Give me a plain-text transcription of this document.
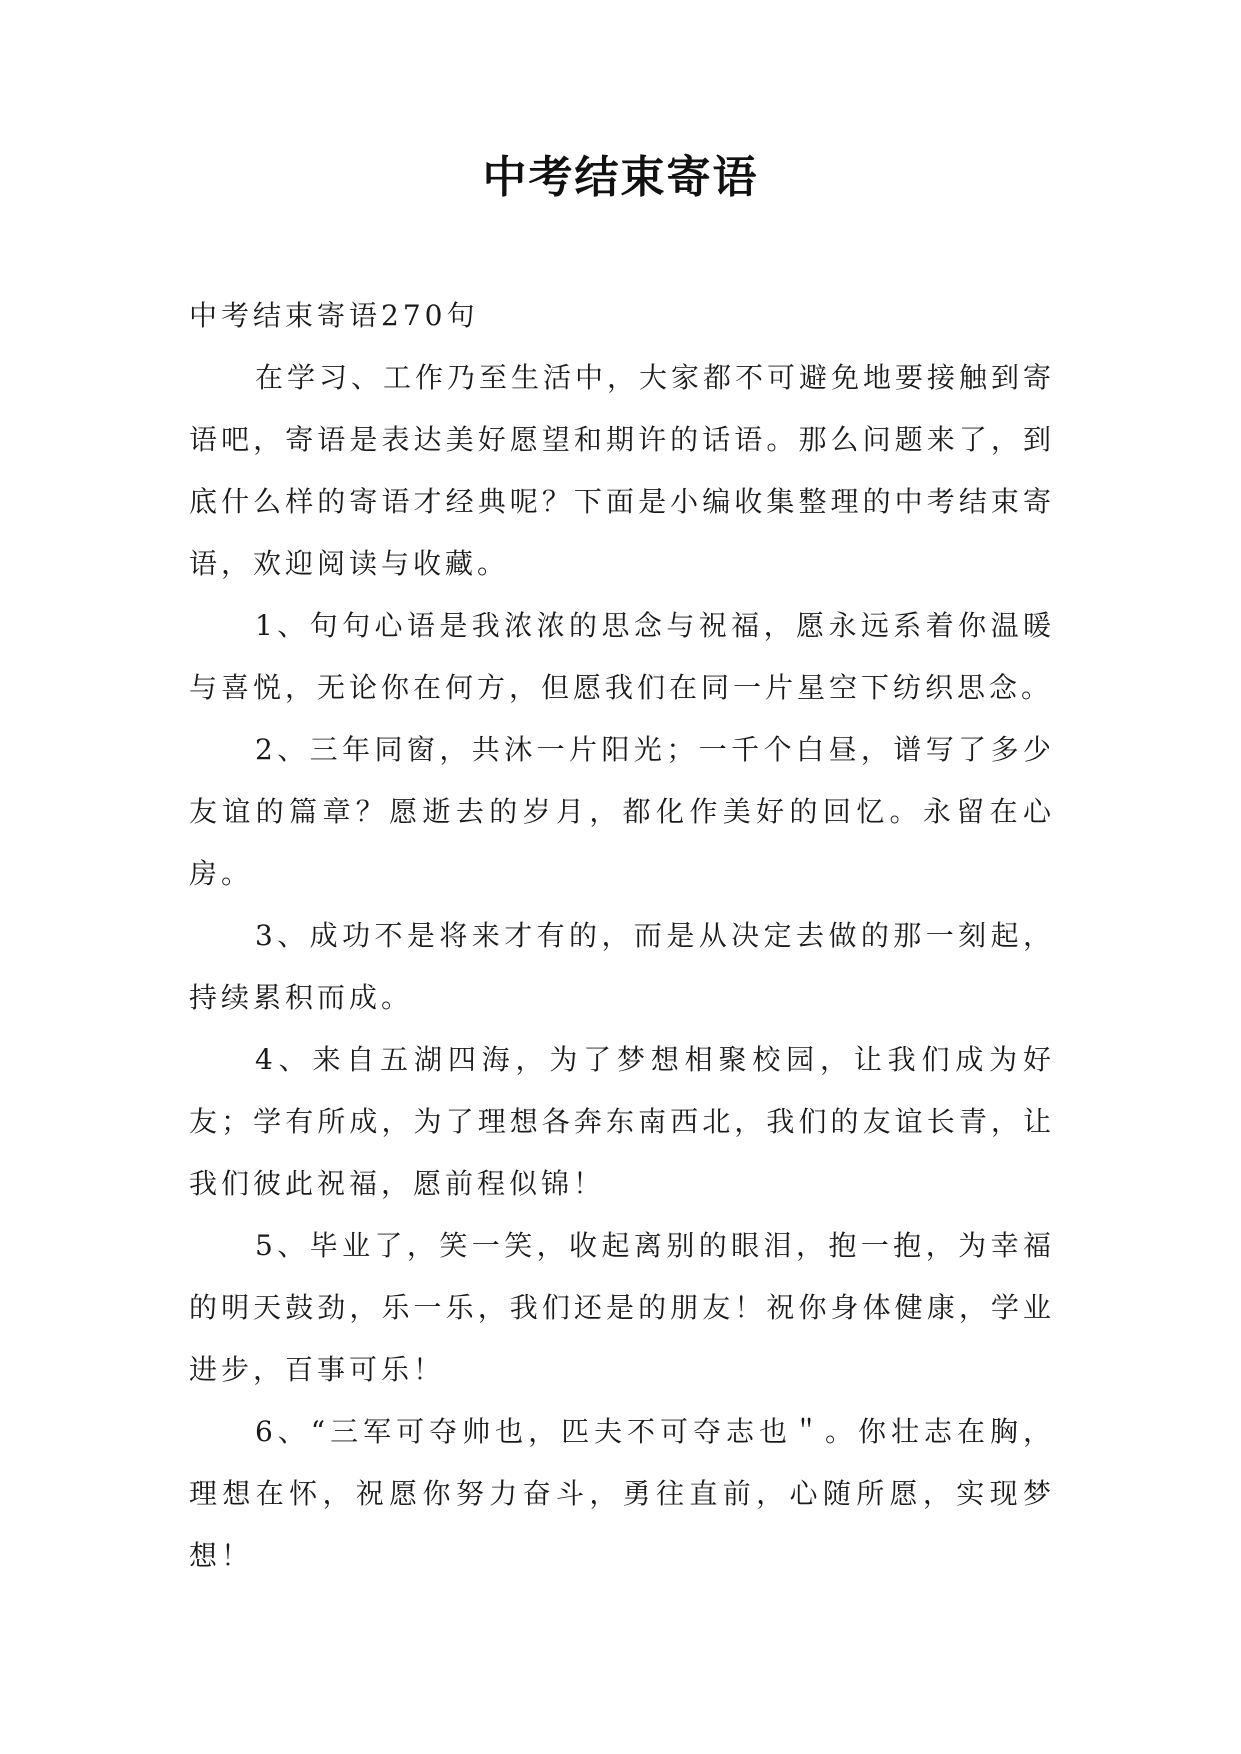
中考结束寄语

中考结束寄语270句

在学习、工作乃至生活中，大家都不可避免地要接触到寄语吧，寄语是表达美好愿望和期许的话语。那么问题来了，到底什么样的寄语才经典呢？下面是小编收集整理的中考结束寄语，欢迎阅读与收藏。

1、句句心语是我浓浓的思念与祝福，愿永远系着你温暖与喜悦，无论你在何方，但愿我们在同一片星空下纺织思念。

2、三年同窗，共沐一片阳光；一千个白昼，谱写了多少友谊的篇章？愿逝去的岁月，都化作美好的回忆。永留在心房。

3、成功不是将来才有的，而是从决定去做的那一刻起，持续累积而成。

4、来自五湖四海，为了梦想相聚校园，让我们成为好友；学有所成，为了理想各奔东南西北，我们的友谊长青，让我们彼此祝福，愿前程似锦！

5、毕业了，笑一笑，收起离别的眼泪，抱一抱，为幸福的明天鼓劲，乐一乐，我们还是的朋友！祝你身体健康，学业进步，百事可乐！

6、“三军可夺帅也，匹夫不可夺志也＂。你壮志在胸，理想在怀，祝愿你努力奋斗，勇往直前，心随所愿，实现梦想！
